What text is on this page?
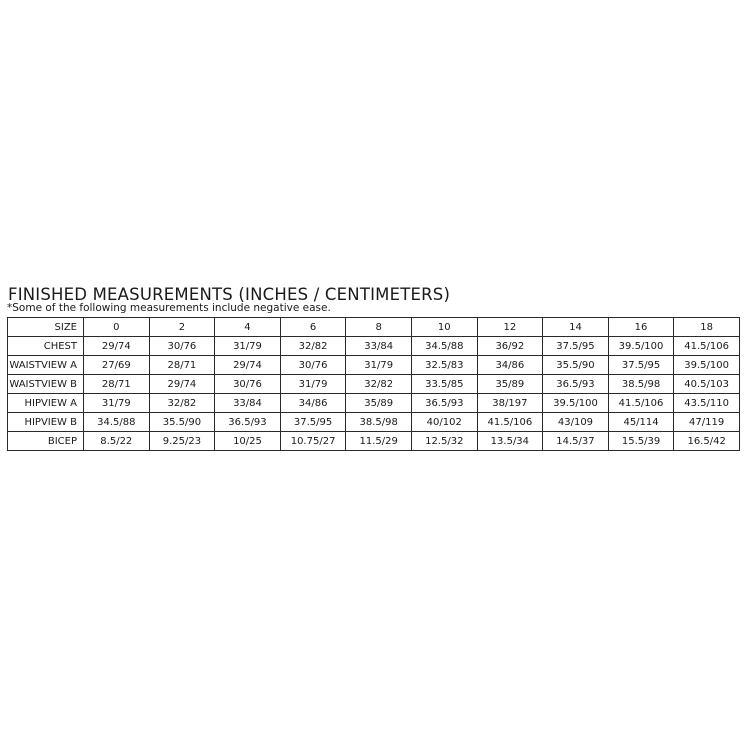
FINISHED MEASUREMENTS (INCHES / CENTIMETERS)
*Some of the following measurements include negative ease.
SIZE	0	2	4	6	8	10	12	14	16	18
CHEST	29/74	30/76	31/79	32/82	33/84	34.5/88	36/92	37.5/95	39.5/100	41.5/106
WAISTVIEW A	27/69	28/71	29/74	30/76	31/79	32.5/83	34/86	35.5/90	37.5/95	39.5/100
WAISTVIEW B	28/71	29/74	30/76	31/79	32/82	33.5/85	35/89	36.5/93	38.5/98	40.5/103
HIPVIEW A	31/79	32/82	33/84	34/86	35/89	36.5/93	38/197	39.5/100	41.5/106	43.5/110
HIPVIEW B	34.5/88	35.5/90	36.5/93	37.5/95	38.5/98	40/102	41.5/106	43/109	45/114	47/119
BICEP	8.5/22	9.25/23	10/25	10.75/27	11.5/29	12.5/32	13.5/34	14.5/37	15.5/39	16.5/42
